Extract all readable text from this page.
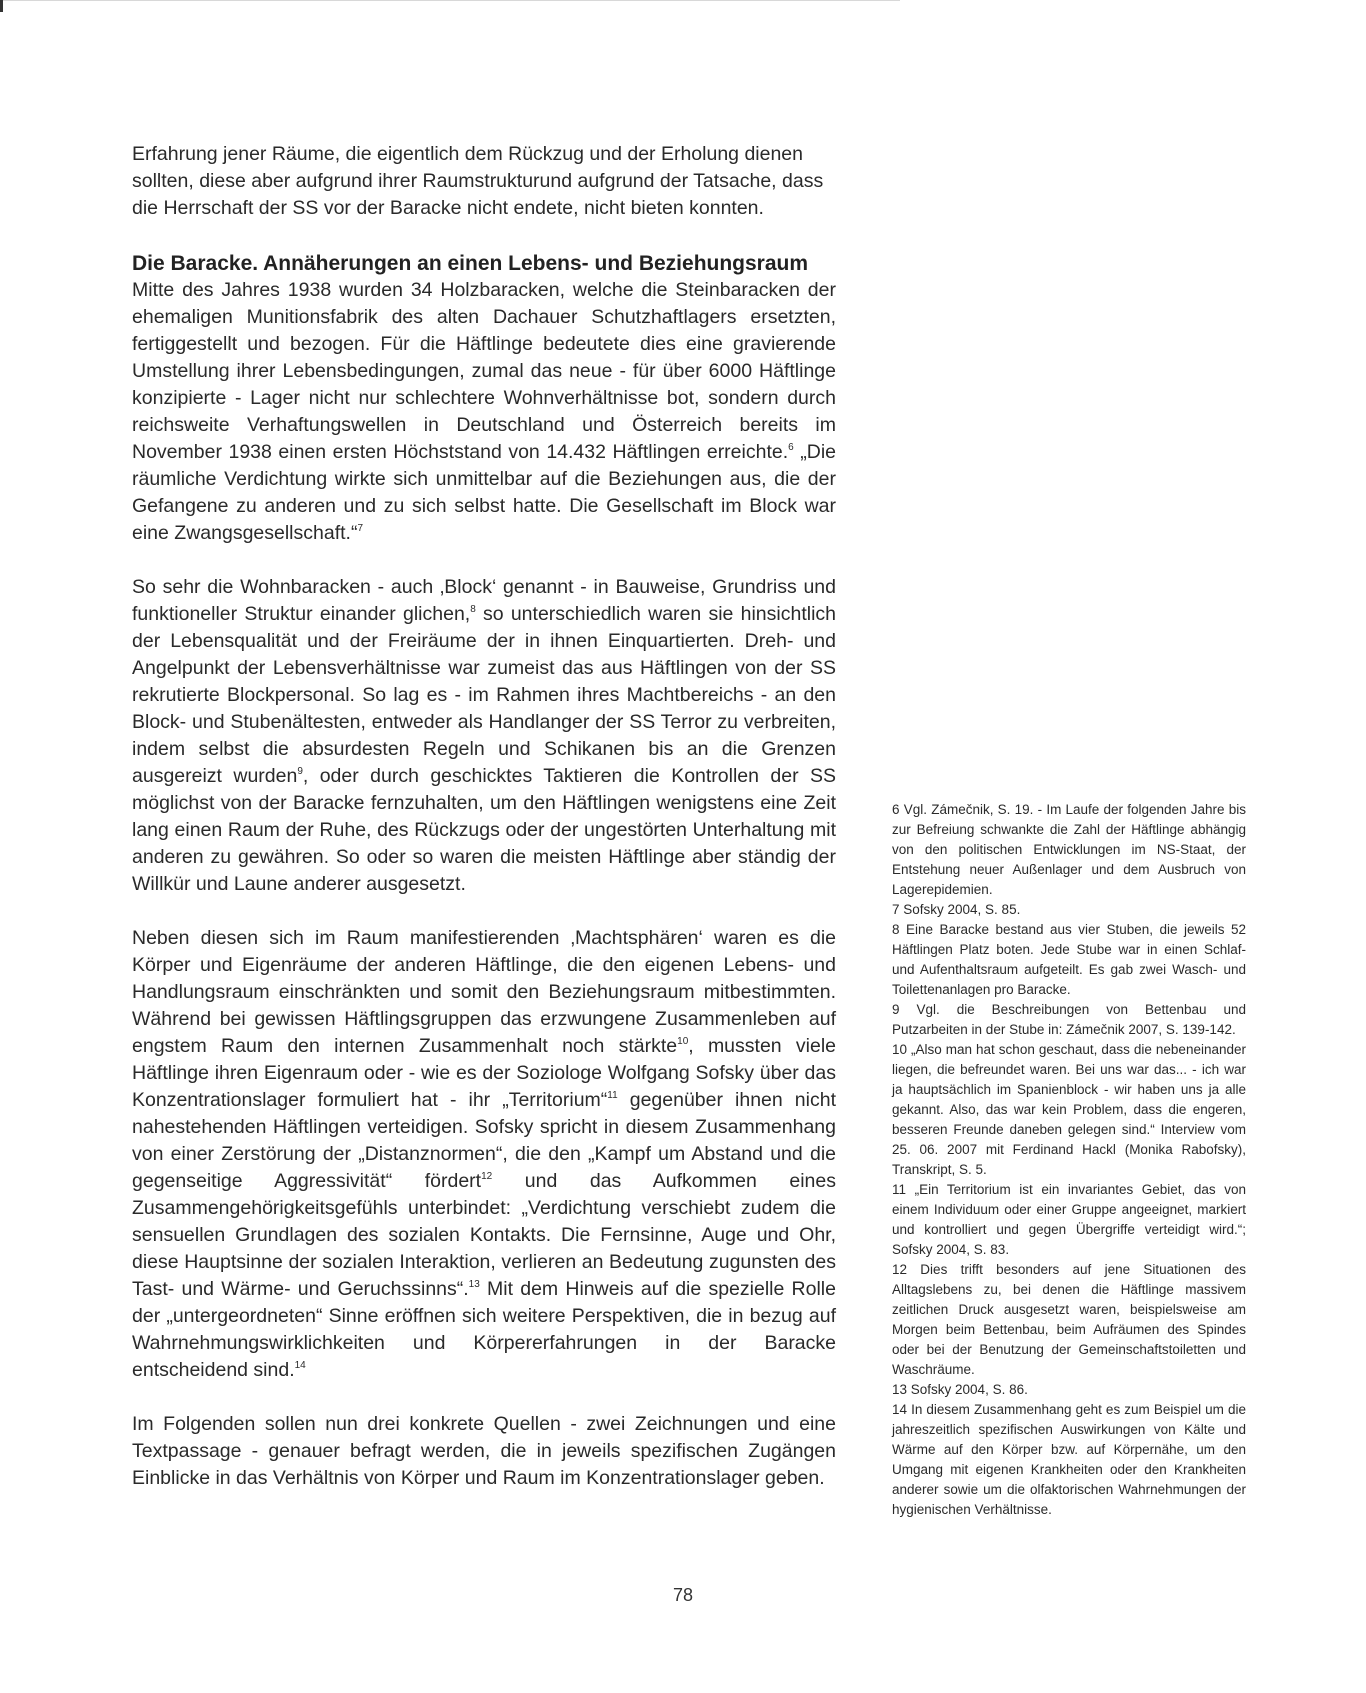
Erfahrung jener Räume, die eigentlich dem Rückzug und der Erholung dienen sollten, diese aber aufgrund ihrer Raumstrukturund aufgrund der Tatsache, dass die Herrschaft der SS vor der Baracke nicht endete, nicht bieten konnten.

Die Baracke. Annäherungen an einen Lebens- und Beziehungsraum

Mitte des Jahres 1938 wurden 34 Holzbaracken, welche die Steinbaracken der ehemaligen Munitionsfabrik des alten Dachauer Schutzhaftlagers ersetzten, fertiggestellt und bezogen. Für die Häftlinge bedeutete dies eine gravierende Umstellung ihrer Lebensbedingungen, zumal das neue - für über 6000 Häftlinge konzipierte - Lager nicht nur schlechtere Wohnverhältnisse bot, sondern durch reichsweite Verhaftungswellen in Deutschland und Österreich bereits im November 1938 einen ersten Höchststand von 14.432 Häftlingen erreichte.$^6$ „Die räumliche Verdichtung wirkte sich unmittelbar auf die Beziehungen aus, die der Gefangene zu anderen und zu sich selbst hatte. Die Gesellschaft im Block war eine Zwangsgesellschaft.“$^7$

So sehr die Wohnbaracken - auch ‚Block‘ genannt - in Bauweise, Grundriss und funktioneller Struktur einander glichen,$^8$ so unterschiedlich waren sie hinsichtlich der Lebensqualität und der Freiräume der in ihnen Einquartierten. Dreh- und Angelpunkt der Lebensverhältnisse war zumeist das aus Häftlingen von der SS rekrutierte Blockpersonal. So lag es - im Rahmen ihres Machtbereichs - an den Block- und Stubenältesten, entweder als Handlanger der SS Terror zu verbreiten, indem selbst die absurdesten Regeln und Schikanen bis an die Grenzen ausgereizt wurden$^9$, oder durch geschicktes Taktieren die Kontrollen der SS möglichst von der Baracke fernzuhalten, um den Häftlingen wenigstens eine Zeit lang einen Raum der Ruhe, des Rückzugs oder der ungestörten Unterhaltung mit anderen zu gewähren. So oder so waren die meisten Häftlinge aber ständig der Willkür und Laune anderer ausgesetzt.

Neben diesen sich im Raum manifestierenden ‚Machtsphären‘ waren es die Körper und Eigenräume der anderen Häftlinge, die den eigenen Lebens- und Handlungsraum einschränkten und somit den Beziehungsraum mitbestimmten. Während bei gewissen Häftlingsgruppen das erzwungene Zusammenleben auf engstem Raum den internen Zusammenhalt noch stärkte$^{10}$, mussten viele Häftlinge ihren Eigenraum oder - wie es der Soziologe Wolfgang Sofsky über das Konzentrationslager formuliert hat - ihr „Territorium“$^{11}$ gegenüber ihnen nicht nahestehenden Häftlingen verteidigen. Sofsky spricht in diesem Zusammenhang von einer Zerstörung der „Distanznormen“, die den „Kampf um Abstand und die gegenseitige Aggressivität“ fördert$^{12}$ und das Aufkommen eines Zusammengehörigkeitsgefühls unterbindet: „Verdichtung verschiebt zudem die sensuellen Grundlagen des sozialen Kontakts. Die Fernsinne, Auge und Ohr, diese Hauptsinne der sozialen Interaktion, verlieren an Bedeutung zugunsten des Tast- und Wärme- und Geruchssinns“.$^{13}$ Mit dem Hinweis auf die spezielle Rolle der „untergeordneten“ Sinne eröffnen sich weitere Perspektiven, die in bezug auf Wahrnehmungswirklichkeiten und Körpererfahrungen in der Baracke entscheidend sind.$^{14}$

Im Folgenden sollen nun drei konkrete Quellen - zwei Zeichnungen und eine Textpassage - genauer befragt werden, die in jeweils spezifischen Zugängen Einblicke in das Verhältnis von Körper und Raum im Konzentrationslager geben.

6 Vgl. Zámečnik, S. 19. - Im Laufe der folgenden Jahre bis zur Befreiung schwankte die Zahl der Häftlinge abhängig von den politischen Entwicklungen im NS-Staat, der Entstehung neuer Außenlager und dem Ausbruch von Lagerepidemien.

7 Sofsky 2004, S. 85.

8 Eine Baracke bestand aus vier Stuben, die jeweils 52 Häftlingen Platz boten. Jede Stube war in einen Schlaf- und Aufenthaltsraum aufgeteilt. Es gab zwei Wasch- und Toilettenanlagen pro Baracke.

9 Vgl. die Beschreibungen von Bettenbau und Putzarbeiten in der Stube in: Zámečnik 2007, S. 139-142.

10 „Also man hat schon geschaut, dass die nebeneinander liegen, die befreundet waren. Bei uns war das... - ich war ja hauptsächlich im Spanienblock - wir haben uns ja alle gekannt. Also, das war kein Problem, dass die engeren, besseren Freunde daneben gelegen sind.“ Interview vom 25. 06. 2007 mit Ferdinand Hackl (Monika Rabofsky), Transkript, S. 5.

11 „Ein Territorium ist ein invariantes Gebiet, das von einem Individuum oder einer Gruppe angeeignet, markiert und kontrolliert und gegen Übergriffe verteidigt wird.“; Sofsky 2004, S. 83.

12 Dies trifft besonders auf jene Situationen des Alltagslebens zu, bei denen die Häftlinge massivem zeitlichen Druck ausgesetzt waren, beispielsweise am Morgen beim Bettenbau, beim Aufräumen des Spindes oder bei der Benutzung der Gemeinschaftstoiletten und Waschräume.

13 Sofsky 2004, S. 86.

14 In diesem Zusammenhang geht es zum Beispiel um die jahreszeitlich spezifischen Auswirkungen von Kälte und Wärme auf den Körper bzw. auf Körpernähe, um den Umgang mit eigenen Krankheiten oder den Krankheiten anderer sowie um die olfaktorischen Wahrnehmungen der hygienischen Verhältnisse.

78
